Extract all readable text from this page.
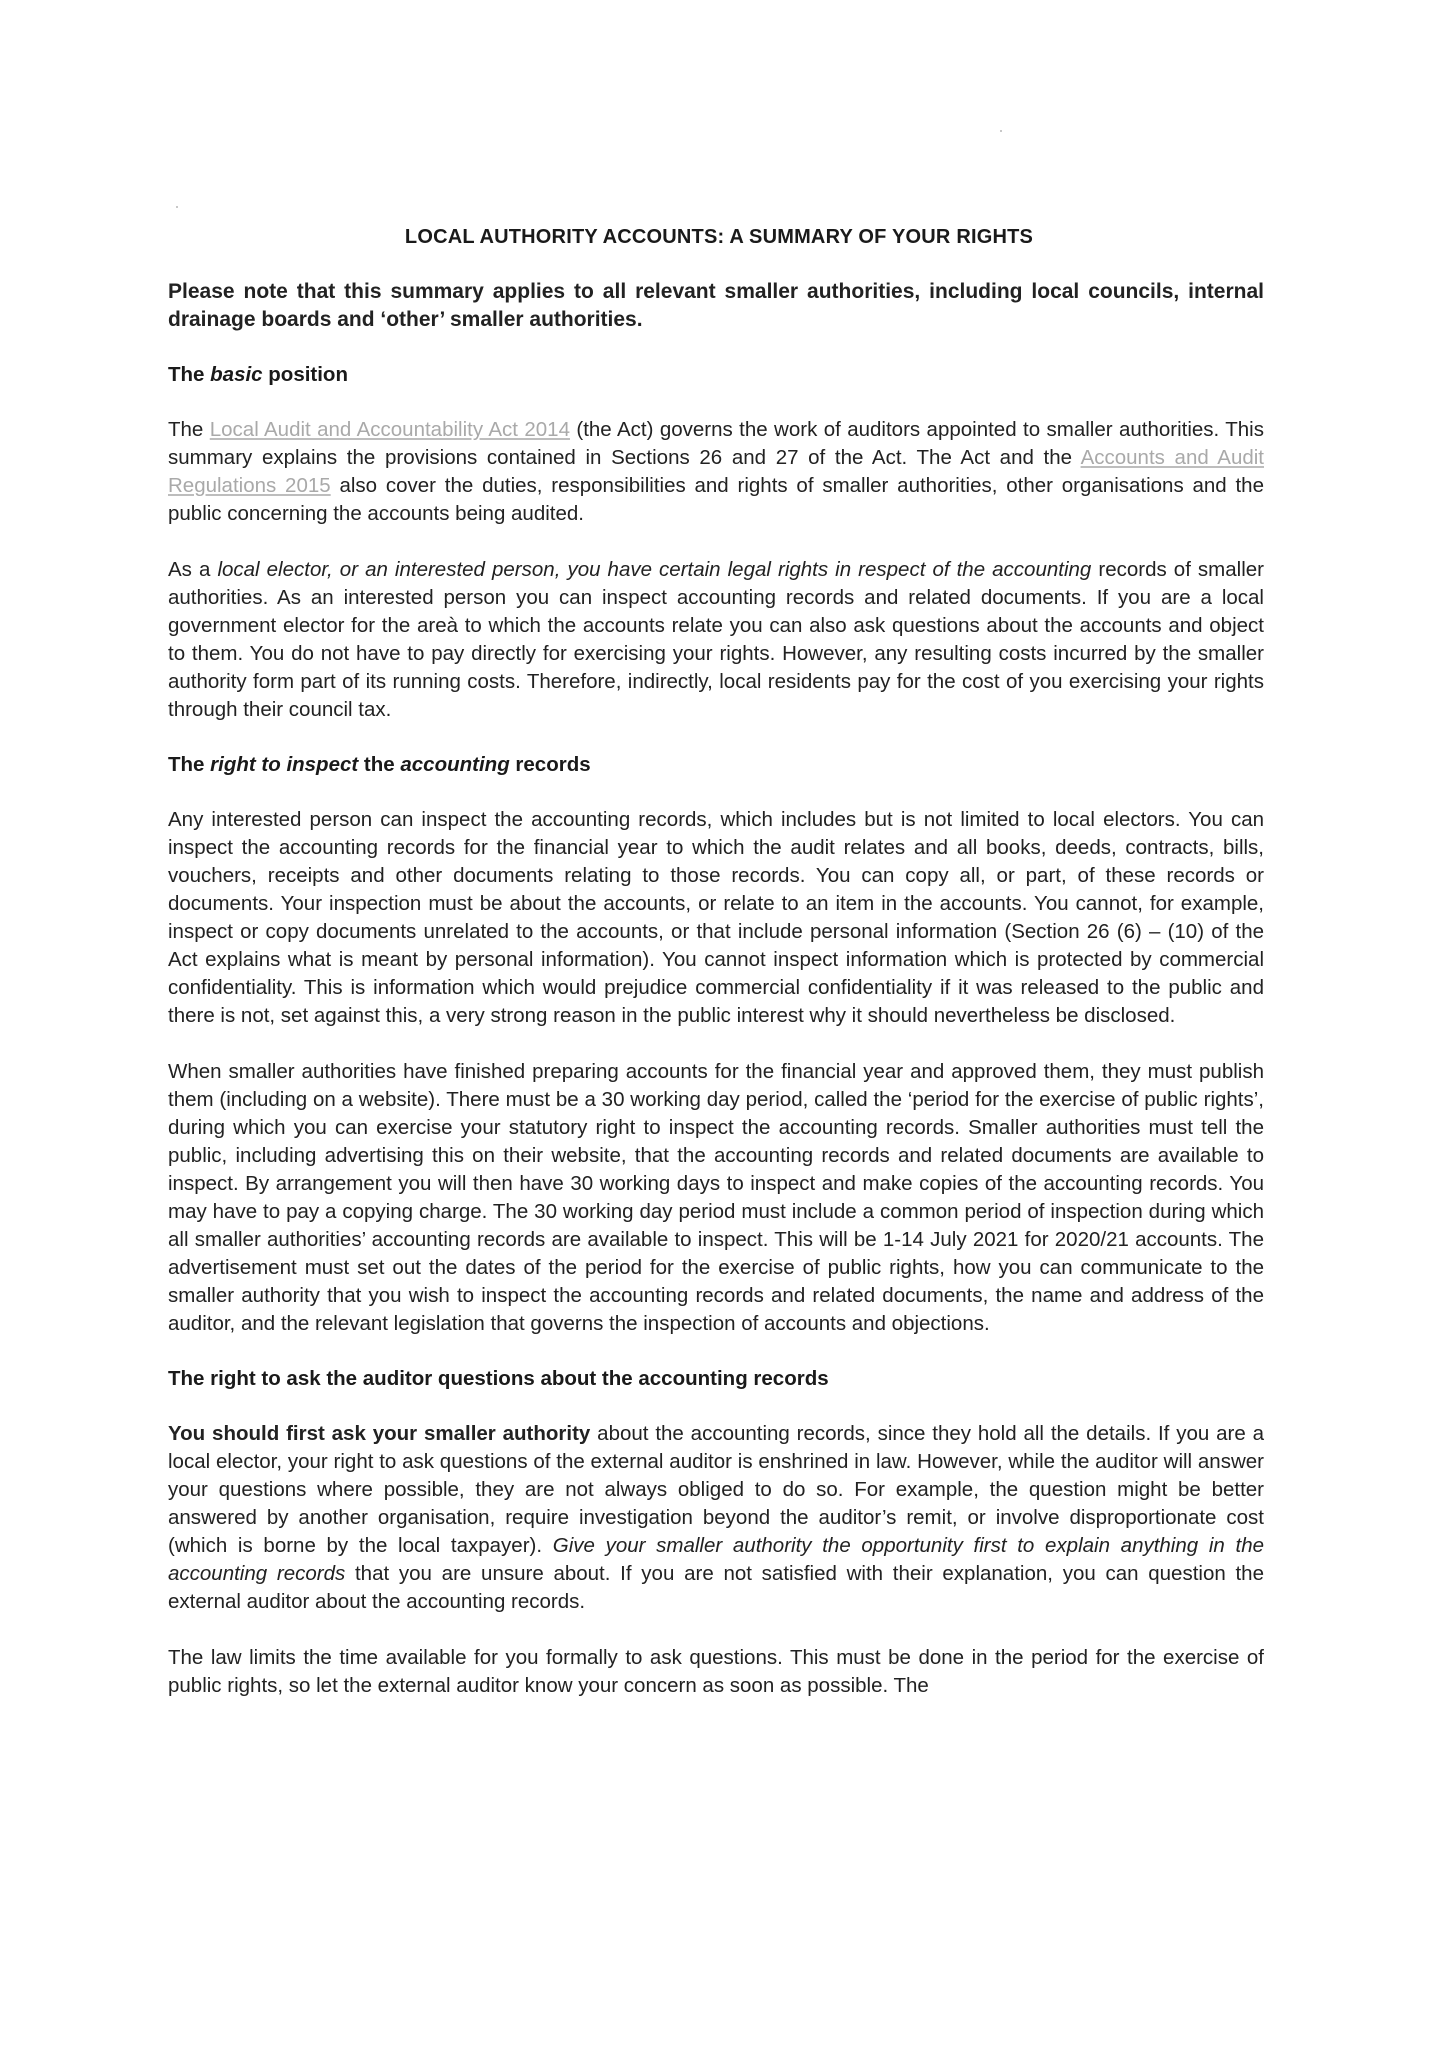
LOCAL AUTHORITY ACCOUNTS: A SUMMARY OF YOUR RIGHTS

Please note that this summary applies to all relevant smaller authorities, including local councils, internal drainage boards and ‘other’ smaller authorities.

The basic position

The Local Audit and Accountability Act 2014 (the Act) governs the work of auditors appointed to smaller authorities. This summary explains the provisions contained in Sections 26 and 27 of the Act. The Act and the Accounts and Audit Regulations 2015 also cover the duties, responsibilities and rights of smaller authorities, other organisations and the public concerning the accounts being audited.

As a local elector, or an interested person, you have certain legal rights in respect of the accounting records of smaller authorities. As an interested person you can inspect accounting records and related documents. If you are a local government elector for the areà to which the accounts relate you can also ask questions about the accounts and object to them. You do not have to pay directly for exercising your rights. However, any resulting costs incurred by the smaller authority form part of its running costs. Therefore, indirectly, local residents pay for the cost of you exercising your rights through their council tax.

The right to inspect the accounting records

Any interested person can inspect the accounting records, which includes but is not limited to local electors. You can inspect the accounting records for the financial year to which the audit relates and all books, deeds, contracts, bills, vouchers, receipts and other documents relating to those records. You can copy all, or part, of these records or documents. Your inspection must be about the accounts, or relate to an item in the accounts. You cannot, for example, inspect or copy documents unrelated to the accounts, or that include personal information (Section 26 (6) – (10) of the Act explains what is meant by personal information). You cannot inspect information which is protected by commercial confidentiality. This is information which would prejudice commercial confidentiality if it was released to the public and there is not, set against this, a very strong reason in the public interest why it should nevertheless be disclosed.

When smaller authorities have finished preparing accounts for the financial year and approved them, they must publish them (including on a website). There must be a 30 working day period, called the ‘period for the exercise of public rights’, during which you can exercise your statutory right to inspect the accounting records. Smaller authorities must tell the public, including advertising this on their website, that the accounting records and related documents are available to inspect. By arrangement you will then have 30 working days to inspect and make copies of the accounting records. You may have to pay a copying charge. The 30 working day period must include a common period of inspection during which all smaller authorities’ accounting records are available to inspect. This will be 1-14 July 2021 for 2020/21 accounts. The advertisement must set out the dates of the period for the exercise of public rights, how you can communicate to the smaller authority that you wish to inspect the accounting records and related documents, the name and address of the auditor, and the relevant legislation that governs the inspection of accounts and objections.

The right to ask the auditor questions about the accounting records

You should first ask your smaller authority about the accounting records, since they hold all the details. If you are a local elector, your right to ask questions of the external auditor is enshrined in law. However, while the auditor will answer your questions where possible, they are not always obliged to do so. For example, the question might be better answered by another organisation, require investigation beyond the auditor’s remit, or involve disproportionate cost (which is borne by the local taxpayer). Give your smaller authority the opportunity first to explain anything in the accounting records that you are unsure about. If you are not satisfied with their explanation, you can question the external auditor about the accounting records.

The law limits the time available for you formally to ask questions. This must be done in the period for the exercise of public rights, so let the external auditor know your concern as soon as possible. The
